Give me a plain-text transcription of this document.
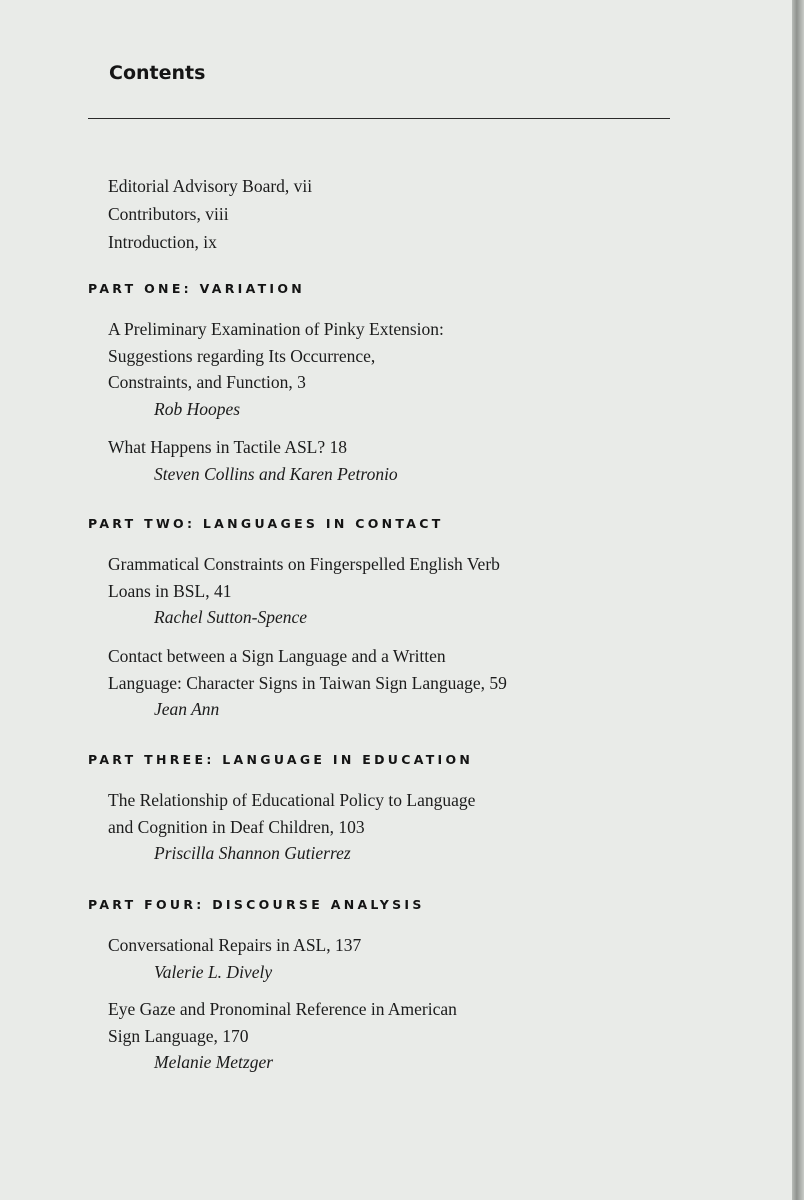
Contents
Editorial Advisory Board, vii
Contributors, viii
Introduction, ix
PART ONE: VARIATION
A Preliminary Examination of Pinky Extension:
Suggestions regarding Its Occurrence,
Constraints, and Function, 3
Rob Hoopes
What Happens in Tactile ASL? 18
Steven Collins and Karen Petronio
PART TWO: LANGUAGES IN CONTACT
Grammatical Constraints on Fingerspelled English Verb
Loans in BSL, 41
Rachel Sutton-Spence
Contact between a Sign Language and a Written
Language: Character Signs in Taiwan Sign Language, 59
Jean Ann
PART THREE: LANGUAGE IN EDUCATION
The Relationship of Educational Policy to Language
and Cognition in Deaf Children, 103
Priscilla Shannon Gutierrez
PART FOUR: DISCOURSE ANALYSIS
Conversational Repairs in ASL, 137
Valerie L. Dively
Eye Gaze and Pronominal Reference in American
Sign Language, 170
Melanie Metzger
